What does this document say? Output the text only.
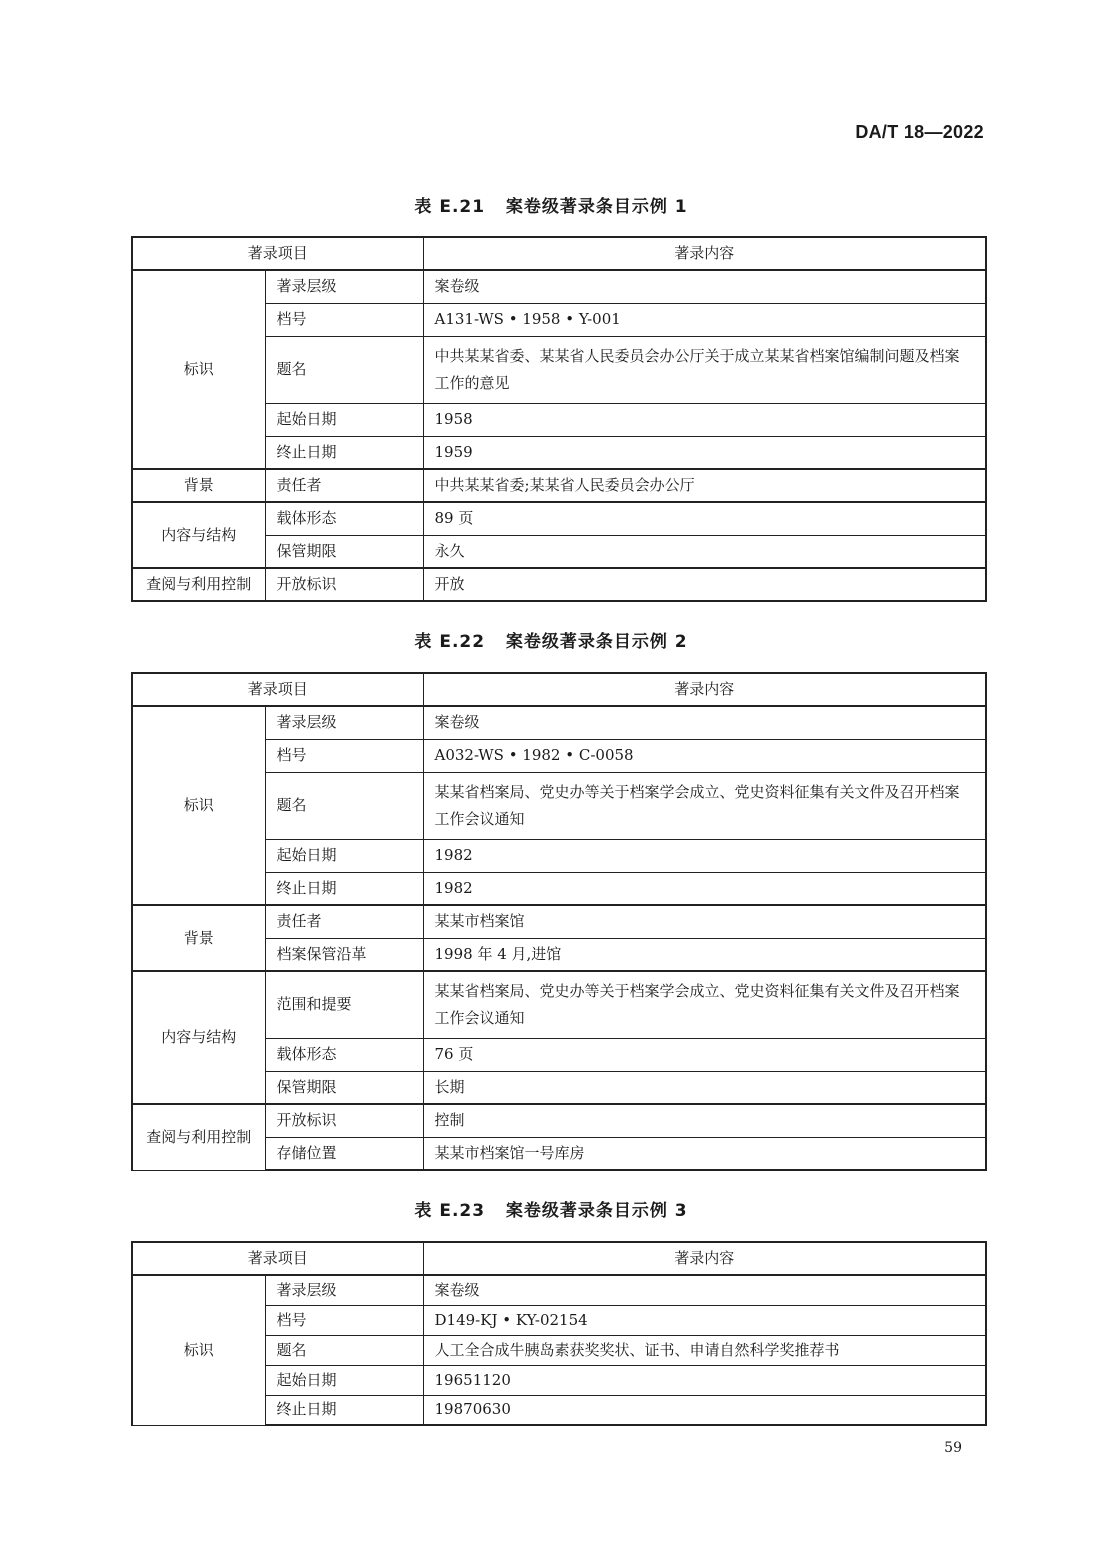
DA/T 18—2022
表 E.21   案卷级著录条目示例 1
著录项目		著录内容
标识	著录层级	案卷级
	档号	A131-WS • 1958 • Y-001
	题名	中共某某省委、某某省人民委员会办公厅关于成立某某省档案馆编制问题及档案工作的意见
	起始日期	1958
	终止日期	1959
背景	责任者	中共某某省委;某某省人民委员会办公厅
内容与结构	载体形态	89 页
	保管期限	永久
查阅与利用控制	开放标识	开放
表 E.22   案卷级著录条目示例 2
著录项目		著录内容
标识	著录层级	案卷级
	档号	A032-WS • 1982 • C-0058
	题名	某某省档案局、党史办等关于档案学会成立、党史资料征集有关文件及召开档案工作会议通知
	起始日期	1982
	终止日期	1982
背景	责任者	某某市档案馆
	档案保管沿革	1998 年 4 月,进馆
内容与结构	范围和提要	某某省档案局、党史办等关于档案学会成立、党史资料征集有关文件及召开档案工作会议通知
	载体形态	76 页
	保管期限	长期
查阅与利用控制	开放标识	控制
	存储位置	某某市档案馆一号库房
表 E.23   案卷级著录条目示例 3
著录项目		著录内容
标识	著录层级	案卷级
	档号	D149-KJ • KY-02154
	题名	人工全合成牛胰岛素获奖奖状、证书、申请自然科学奖推荐书
	起始日期	19651120
	终止日期	19870630
59
